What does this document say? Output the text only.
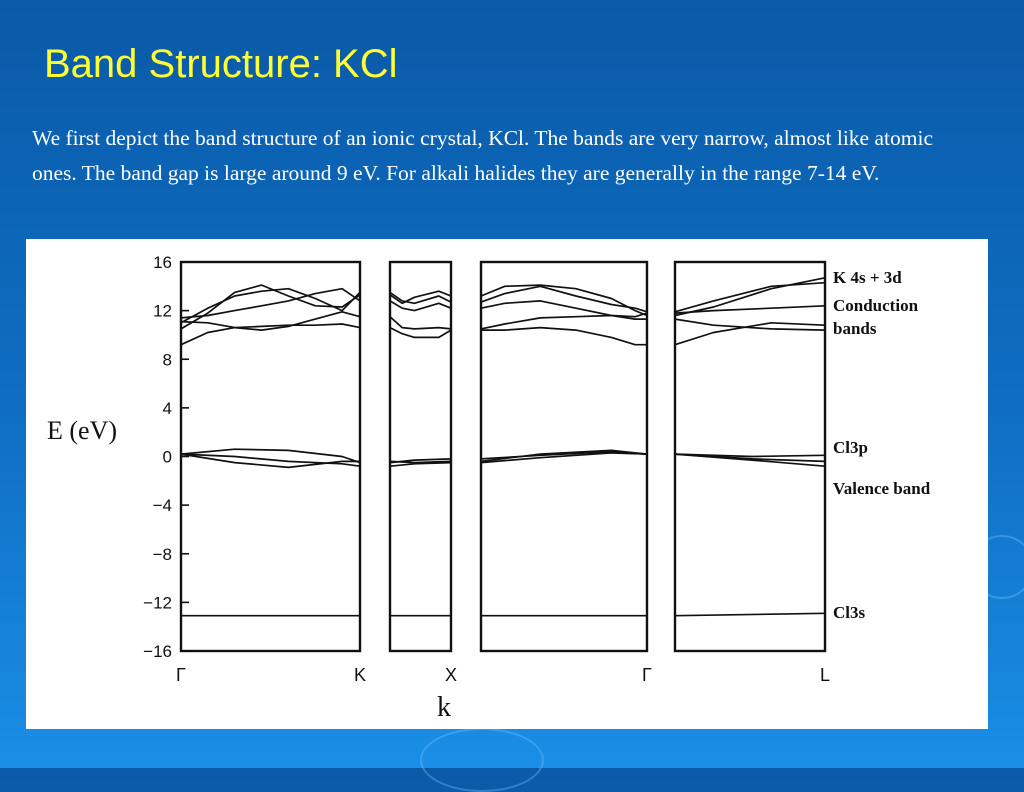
Band Structure: KCl
We first depict the band structure of an ionic crystal, KCl. The bands are very narrow, almost like atomic ones. The band gap is large around 9 eV. For alkali halides they are generally in the range 7-14 eV.
16
12
8
4
0
−4
−8
−12
−16
Γ	K	X	Γ	L
E (eV)
k
K 4s + 3d
Conduction
bands
Cl3p
Valence band
Cl3s
